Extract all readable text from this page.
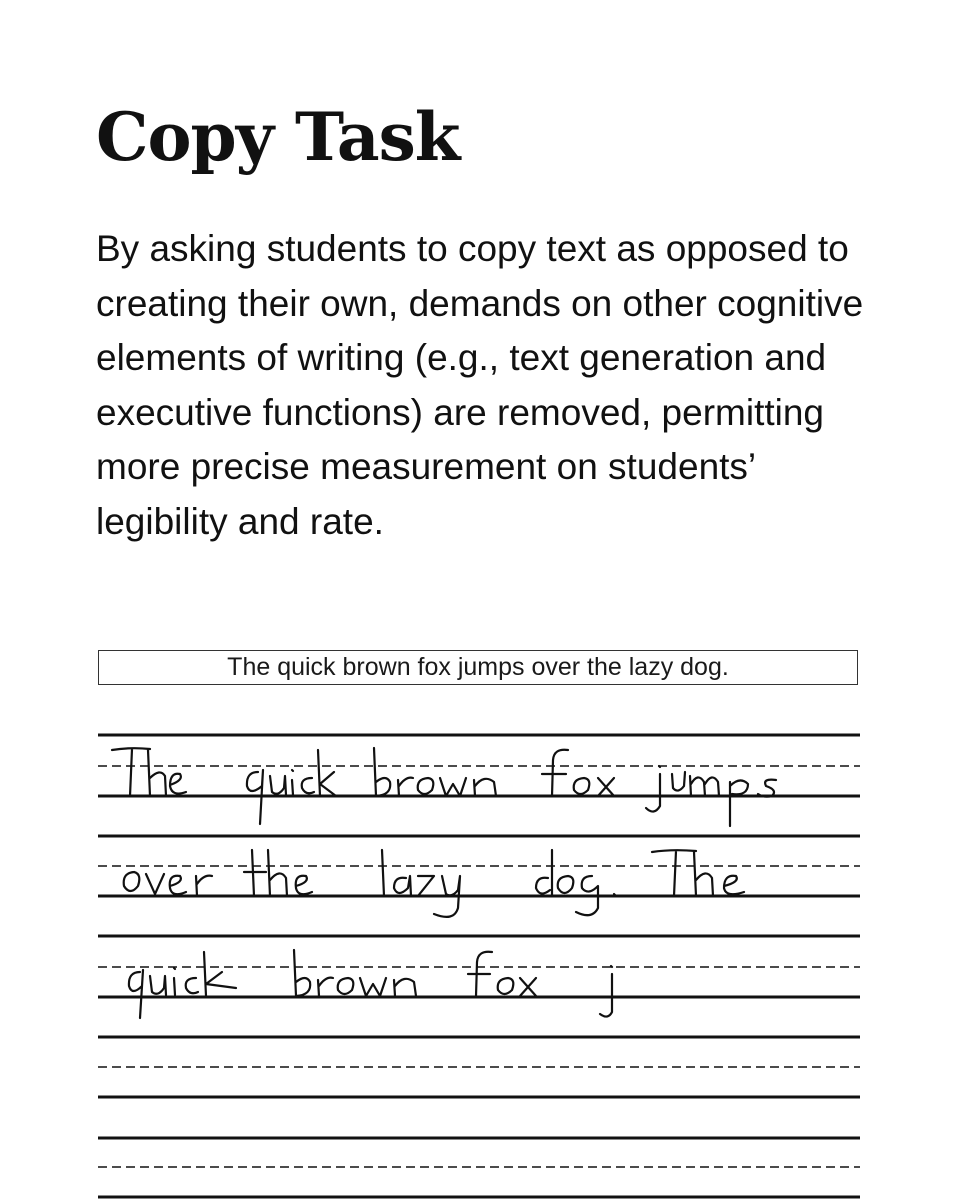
Copy Task

By asking students to copy text as opposed to creating their own, demands on other cognitive elements of writing (e.g., text generation and executive functions) are removed, permitting more precise measurement on students’ legibility and rate.

The quick brown fox jumps over the lazy dog.
